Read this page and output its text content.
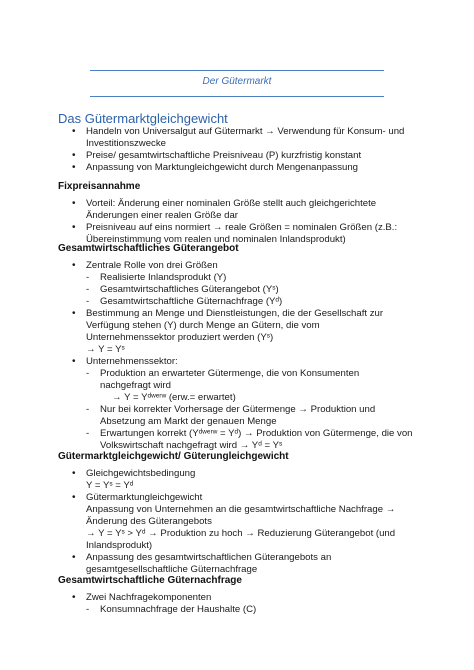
Der Gütermarkt
Das Gütermarktgleichgewicht
• Handeln von Universalgut auf Gütermarkt → Verwendung für Konsum- und
Investitionszwecke
• Preise/ gesamtwirtschaftliche Preisniveau (P) kurzfristig konstant
• Anpassung von Marktungleichgewicht durch Mengenanpassung
Fixpreisannahme
• Vorteil: Änderung einer nominalen Größe stellt auch gleichgerichtete
Änderungen einer realen Größe dar
• Preisniveau auf eins normiert → reale Größen = nominalen Größen (z.B.:
Übereinstimmung vom realen und nominalen Inlandsprodukt)
Gesamtwirtschaftliches Güterangebot
• Zentrale Rolle von drei Größen
- Realisierte Inlandsprodukt (Y)
- Gesamtwirtschaftliches Güterangebot (Yˢ)
- Gesamtwirtschaftliche Güternachfrage (Yᵈ)
• Bestimmung an Menge und Dienstleistungen, die der Gesellschaft zur
Verfügung stehen (Y) durch Menge an Gütern, die vom
Unternehmenssektor produziert werden (Yˢ)
→ Y = Yˢ
• Unternehmenssektor:
- Produktion an erwarteter Gütermenge, die von Konsumenten
nachgefragt wird
→ Y = Yᵈʷᵉʳʷ (erw.= erwartet)
- Nur bei korrekter Vorhersage der Gütermenge → Produktion und
Absetzung am Markt der genauen Menge
- Erwartungen korrekt (Yᵈʷᵉʳʷ = Yᵈ) → Produktion von Gütermenge, die von
Volkswirtschaft nachgefragt wird → Yᵈ = Yˢ
Gütermarktgleichgewicht/ Güterungleichgewicht
• Gleichgewichtsbedingung
Y = Yˢ = Yᵈ
• Gütermarktungleichgewicht
Anpassung von Unternehmen an die gesamtwirtschaftliche Nachfrage →
Änderung des Güterangebots
→ Y = Yˢ > Yᵈ → Produktion zu hoch → Reduzierung Güterangebot (und
Inlandsprodukt)
• Anpassung des gesamtwirtschaftlichen Güterangebots an
gesamtgesellschaftliche Güternachfrage
Gesamtwirtschaftliche Güternachfrage
• Zwei Nachfragekomponenten
- Konsumnachfrage der Haushalte (C)
